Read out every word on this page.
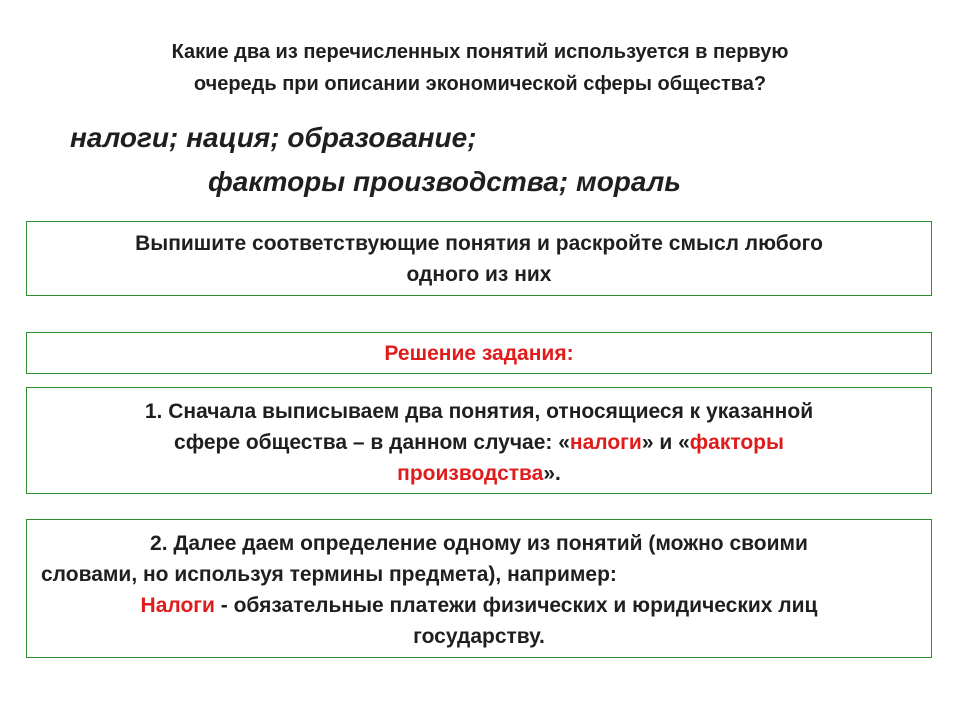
Какие два из перечисленных понятий используется в первую
очередь при описании экономической сферы общества?
налоги; нация; образование;
факторы производства; мораль
Выпишите соответствующие понятия и раскройте смысл любого
одного из них
Решение задания:
1. Сначала выписываем два понятия, относящиеся к указанной
сфере общества – в данном случае: «налоги» и «факторы
производства».
2. Далее даем определение одному из понятий (можно своими
словами, но используя термины предмета), например:
Налоги - обязательные платежи физических и юридических лиц
государству.
